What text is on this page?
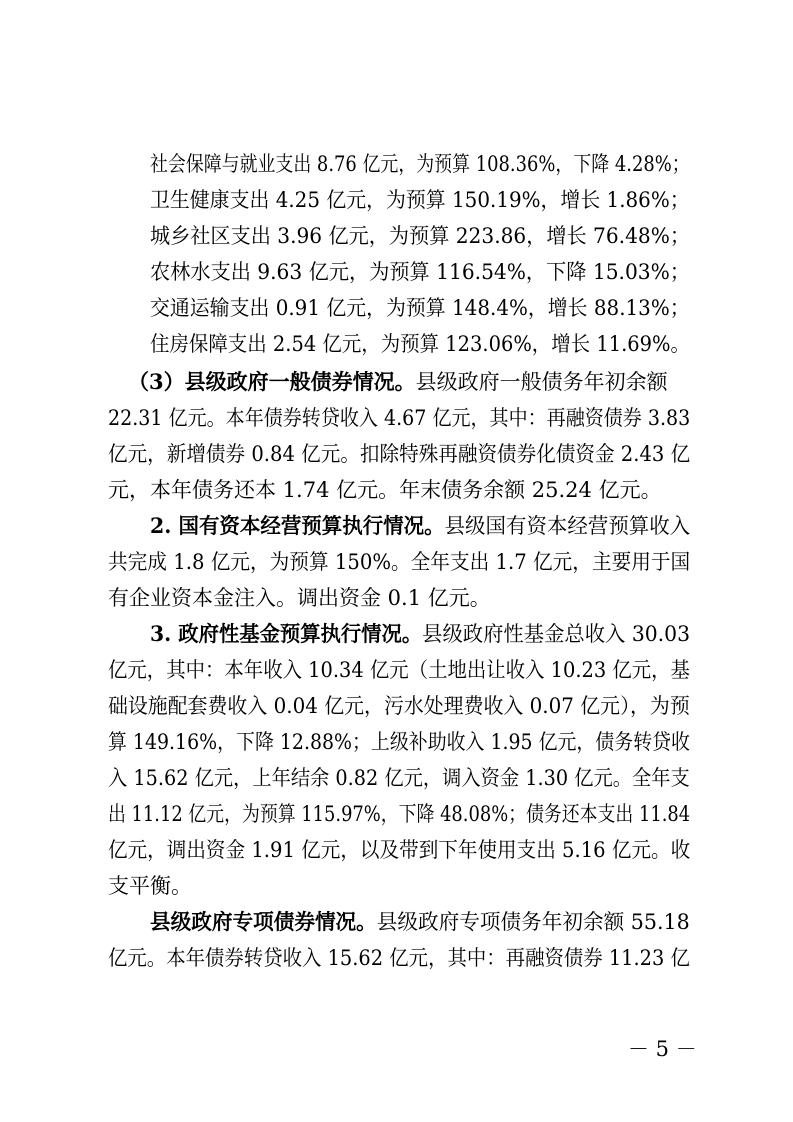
社会保障与就业支出 8.76 亿元，为预算 108.36%，下降 4.28%；
卫生健康支出 4.25 亿元，为预算 150.19%，增长 1.86%；
城乡社区支出 3.96 亿元，为预算 223.86，增长 76.48%；
农林水支出 9.63 亿元，为预算 116.54%，下降 15.03%；
交通运输支出 0.91 亿元，为预算 148.4%，增长 88.13%；
住房保障支出 2.54 亿元，为预算 123.06%，增长 11.69%。
（3）县级政府一般债券情况。县级政府一般债务年初余额
22.31 亿元。本年债券转贷收入 4.67 亿元，其中：再融资债券 3.83
亿元，新增债券 0.84 亿元。扣除特殊再融资债券化债资金 2.43 亿
元，本年债务还本 1.74 亿元。年末债务余额 25.24 亿元。
2. 国有资本经营预算执行情况。县级国有资本经营预算收入
共完成 1.8 亿元，为预算 150%。全年支出 1.7 亿元，主要用于国
有企业资本金注入。调出资金 0.1 亿元。
3. 政府性基金预算执行情况。县级政府性基金总收入 30.03
亿元，其中：本年收入 10.34 亿元（土地出让收入 10.23 亿元，基
础设施配套费收入 0.04 亿元，污水处理费收入 0.07 亿元），为预
算 149.16%，下降 12.88%；上级补助收入 1.95 亿元，债务转贷收
入 15.62 亿元，上年结余 0.82 亿元，调入资金 1.30 亿元。全年支
出 11.12 亿元，为预算 115.97%，下降 48.08%；债务还本支出 11.84
亿元，调出资金 1.91 亿元，以及带到下年使用支出 5.16 亿元。收
支平衡。
县级政府专项债券情况。县级政府专项债务年初余额 55.18
亿元。本年债券转贷收入 15.62 亿元，其中：再融资债券 11.23 亿
－ 5 －
